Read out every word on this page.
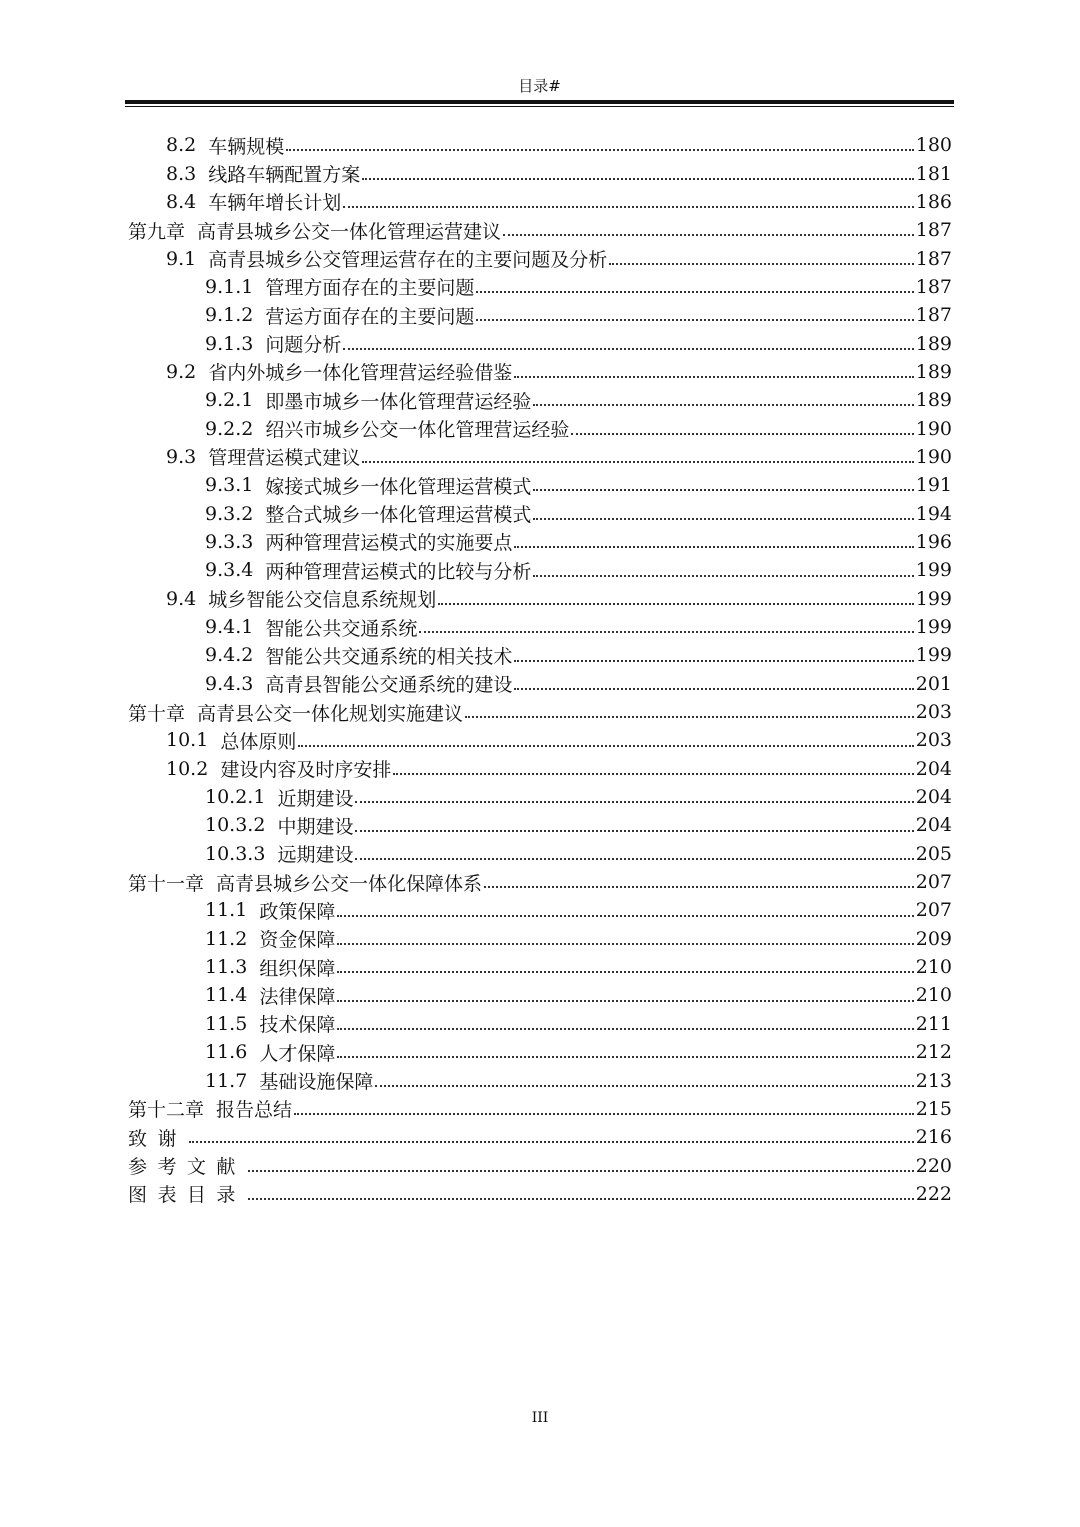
目录#
8.2 车辆规模	180
8.3 线路车辆配置方案	181
8.4 车辆年增长计划	186
第九章 高青县城乡公交一体化管理运营建议	187
9.1 高青县城乡公交管理运营存在的主要问题及分析	187
9.1.1 管理方面存在的主要问题	187
9.1.2 营运方面存在的主要问题	187
9.1.3 问题分析	189
9.2 省内外城乡一体化管理营运经验借鉴	189
9.2.1 即墨市城乡一体化管理营运经验	189
9.2.2 绍兴市城乡公交一体化管理营运经验	190
9.3 管理营运模式建议	190
9.3.1 嫁接式城乡一体化管理运营模式	191
9.3.2 整合式城乡一体化管理运营模式	194
9.3.3 两种管理营运模式的实施要点	196
9.3.4 两种管理营运模式的比较与分析	199
9.4 城乡智能公交信息系统规划	199
9.4.1 智能公共交通系统	199
9.4.2 智能公共交通系统的相关技术	199
9.4.3 高青县智能公交通系统的建设	201
第十章 高青县公交一体化规划实施建议	203
10.1 总体原则	203
10.2 建设内容及时序安排	204
10.2.1 近期建设	204
10.3.2 中期建设	204
10.3.3 远期建设	205
第十一章 高青县城乡公交一体化保障体系	207
11.1 政策保障	207
11.2 资金保障	209
11.3 组织保障	210
11.4 法律保障	210
11.5 技术保障	211
11.6 人才保障	212
11.7 基础设施保障	213
第十二章 报告总结	215
致谢	216
参考文献	220
图表目录	222
III
